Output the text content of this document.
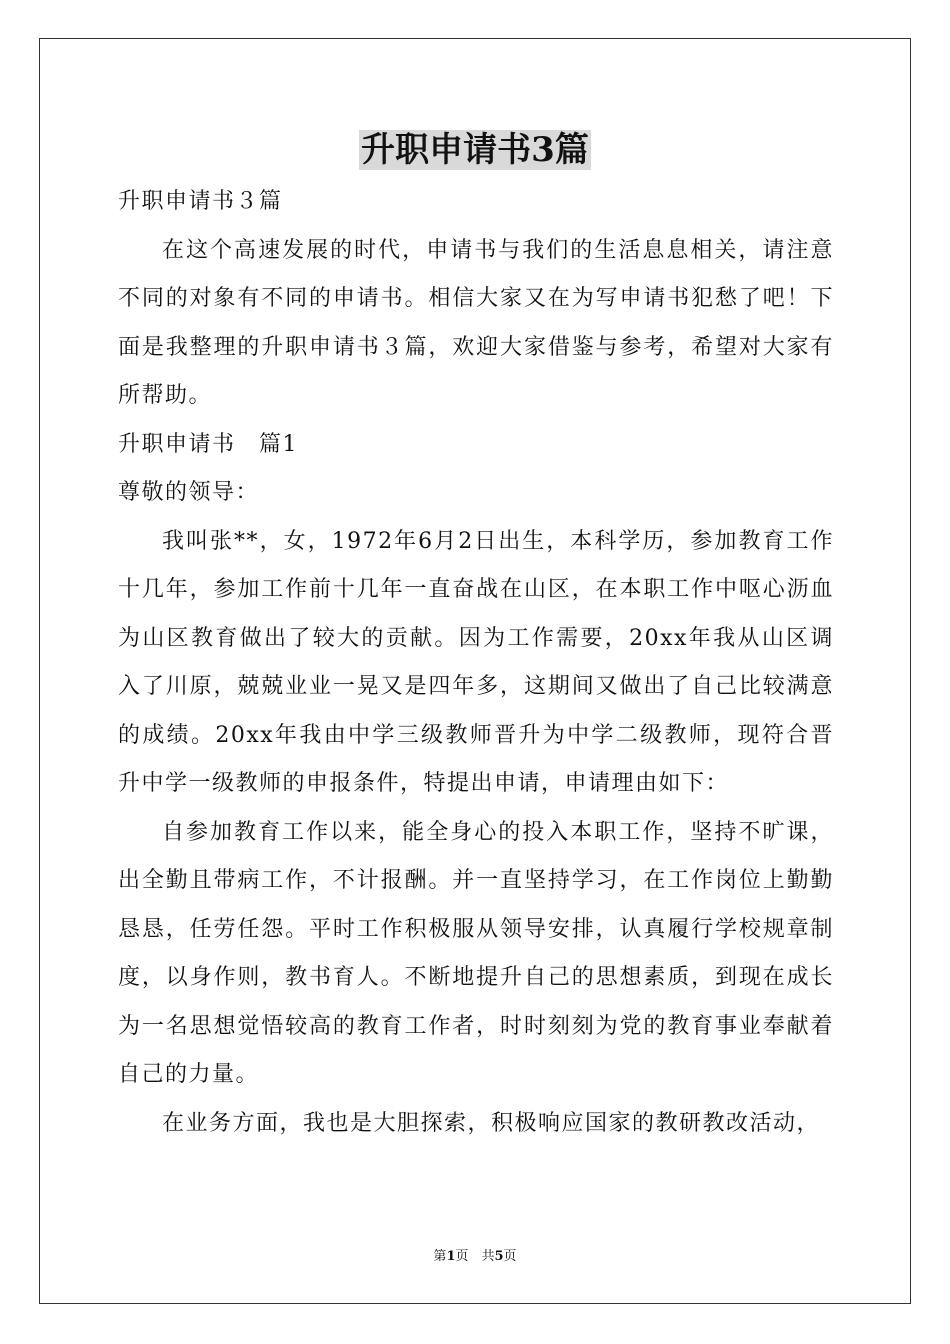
升职申请书3篇

升职申请书３篇

在这个高速发展的时代，申请书与我们的生活息息相关，请注意不同的对象有不同的申请书。相信大家又在为写申请书犯愁了吧！下面是我整理的升职申请书３篇，欢迎大家借鉴与参考，希望对大家有所帮助。

升职申请书　篇1

尊敬的领导：

我叫张**，女，1972年6月2日出生，本科学历，参加教育工作十几年，参加工作前十几年一直奋战在山区，在本职工作中呕心沥血为山区教育做出了较大的贡献。因为工作需要，20xx年我从山区调入了川原，兢兢业业一晃又是四年多，这期间又做出了自己比较满意的成绩。20xx年我由中学三级教师晋升为中学二级教师，现符合晋升中学一级教师的申报条件，特提出申请，申请理由如下：

自参加教育工作以来，能全身心的投入本职工作，坚持不旷课，出全勤且带病工作，不计报酬。并一直坚持学习，在工作岗位上勤勤恳恳，任劳任怨。平时工作积极服从领导安排，认真履行学校规章制度，以身作则，教书育人。不断地提升自己的思想素质，到现在成长为一名思想觉悟较高的教育工作者，时时刻刻为党的教育事业奉献着自己的力量。

在业务方面，我也是大胆探索，积极响应国家的教研教改活动，

第1页　共5页
